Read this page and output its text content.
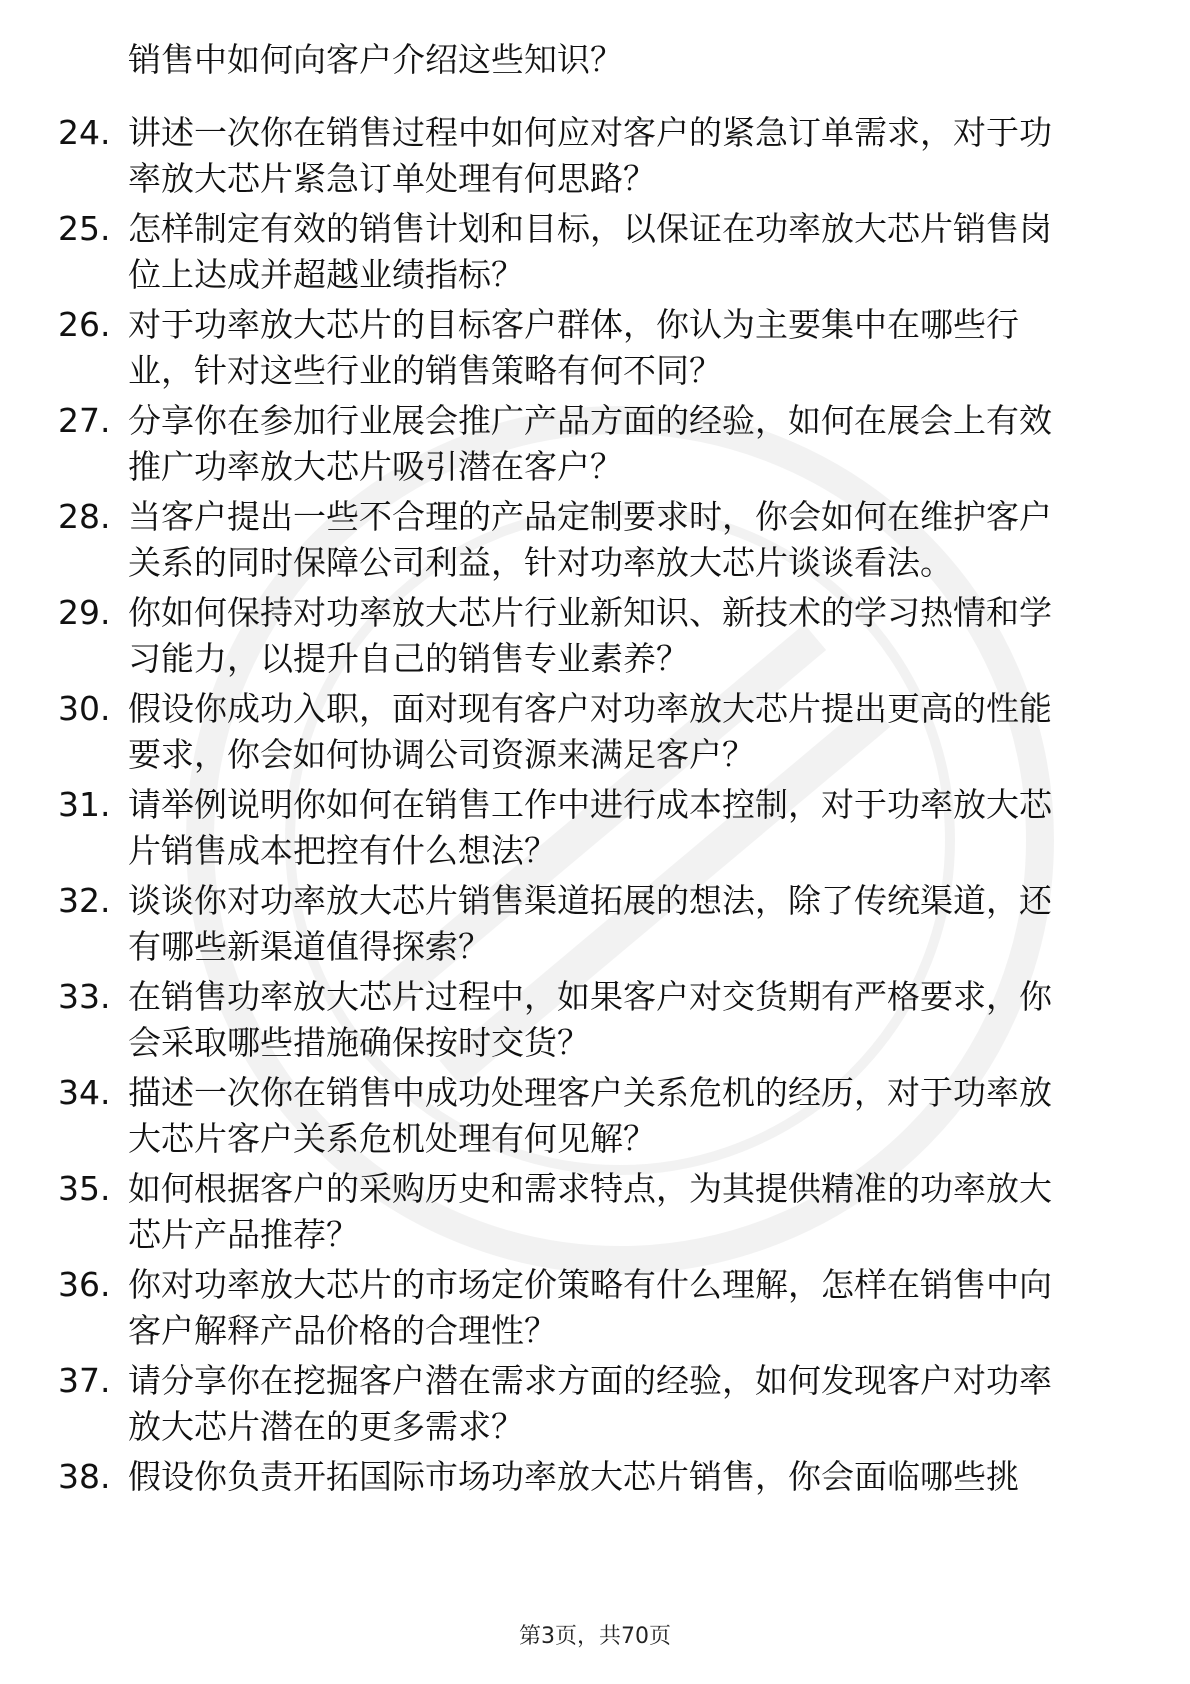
销售中如何向客户介绍这些知识？
24. 讲述一次你在销售过程中如何应对客户的紧急订单需求，对于功
率放大芯片紧急订单处理有何思路？
25. 怎样制定有效的销售计划和目标，以保证在功率放大芯片销售岗
位上达成并超越业绩指标？
26. 对于功率放大芯片的目标客户群体，你认为主要集中在哪些行
业，针对这些行业的销售策略有何不同？
27. 分享你在参加行业展会推广产品方面的经验，如何在展会上有效
推广功率放大芯片吸引潜在客户？
28. 当客户提出一些不合理的产品定制要求时，你会如何在维护客户
关系的同时保障公司利益，针对功率放大芯片谈谈看法。
29. 你如何保持对功率放大芯片行业新知识、新技术的学习热情和学
习能力，以提升自己的销售专业素养？
30. 假设你成功入职，面对现有客户对功率放大芯片提出更高的性能
要求，你会如何协调公司资源来满足客户？
31. 请举例说明你如何在销售工作中进行成本控制，对于功率放大芯
片销售成本把控有什么想法？
32. 谈谈你对功率放大芯片销售渠道拓展的想法，除了传统渠道，还
有哪些新渠道值得探索？
33. 在销售功率放大芯片过程中，如果客户对交货期有严格要求，你
会采取哪些措施确保按时交货？
34. 描述一次你在销售中成功处理客户关系危机的经历，对于功率放
大芯片客户关系危机处理有何见解？
35. 如何根据客户的采购历史和需求特点，为其提供精准的功率放大
芯片产品推荐？
36. 你对功率放大芯片的市场定价策略有什么理解，怎样在销售中向
客户解释产品价格的合理性？
37. 请分享你在挖掘客户潜在需求方面的经验，如何发现客户对功率
放大芯片潜在的更多需求？
38. 假设你负责开拓国际市场功率放大芯片销售，你会面临哪些挑
第3页，共70页
